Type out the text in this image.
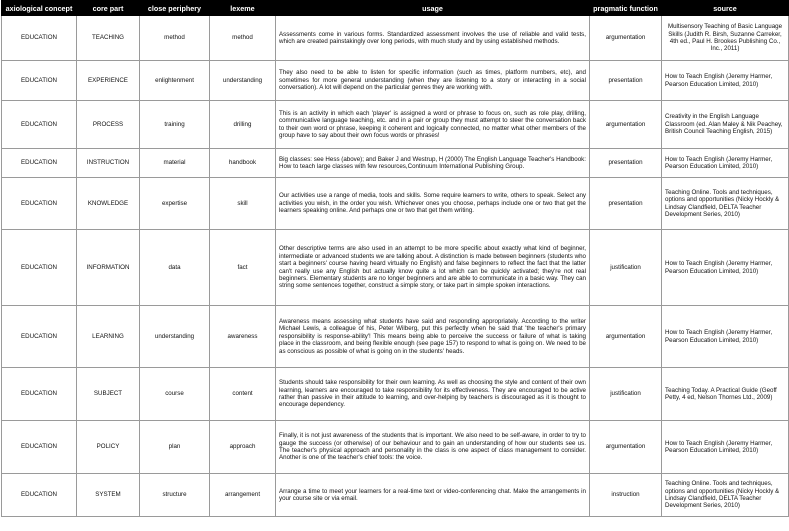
axiological concept	core part	close periphery	lexeme	usage	pragmatic function	source
EDUCATION	TEACHING	method	method	Assessments come in various forms. Standardized assessment involves the use of reliable and valid tests, which are created painstakingly over long periods, with much study and by using established methods.	argumentation	Multisensory Teaching of Basic Language Skills (Judith R. Birsh, Suzanne Carreker, 4th ed., Paul H. Brookes Publishing Co., Inc., 2011)
EDUCATION	EXPERIENCE	enlightenment	understanding	They also need to be able to listen for specific information (such as times, platform numbers, etc), and sometimes for more general understanding (when they are listening to a story or interacting in a social conversation). A lot will depend on the particular genres they are working with.	presentation	How to Teach English (Jeremy Harmer, Pearson Education Limited, 2010)
EDUCATION	PROCESS	training	drilling	This is an activity in which each 'player' is assigned a word or phrase to focus on, such as role play, drilling, communicative language teaching, etc. and in a pair or group they must attempt to steer the conversation back to their own word or phrase, keeping it coherent and logically connected, no matter what other members of the group have to say about their own focus words or phrases!	argumentation	Creativity in the English Language Classroom (ed. Alan Maley & Nik Peachey, British Council Teaching English, 2015)
EDUCATION	INSTRUCTION	material	handbook	Big classes: see Hess (above); and Baker J and Westrup, H (2000) The English Language Teacher's Handbook: How to teach large classes with few resources,Continuum International Publishing Group.	presentation	How to Teach English (Jeremy Harmer, Pearson Education Limited, 2010)
EDUCATION	KNOWLEDGE	expertise	skill	Our activities use a range of media, tools and skills. Some require learners to write, others to speak. Select any activities you wish, in the order you wish. Whichever ones you choose, perhaps include one or two that get the learners speaking online. And perhaps one or two that get them writing.	presentation	Teaching Online. Tools and techniques, options and opportunities (Nicky Hockly & Lindsay Clandfield, DELTA Teacher Development Series, 2010)
EDUCATION	INFORMATION	data	fact	Other descriptive terms are also used in an attempt to be more specific about exactly what kind of beginner, intermediate or advanced students we are talking about. A distinction is made between beginners (students who start a beginners' course having heard virtually no English) and false beginners to reflect the fact that the latter can't really use any English but actually know quite a lot which can be quickly activated; they're not real beginners. Elementary students are no longer beginners and are able to communicate in a basic way. They can string some sentences together, construct a simple story, or take part in simple spoken interactions.	justification	How to Teach English (Jeremy Harmer, Pearson Education Limited, 2010)
EDUCATION	LEARNING	understanding	awareness	Awareness means assessing what students have said and responding appropriately. According to the writer Michael Lewis, a colleague of his, Peter Wilberg, put this perfectly when he said that 'the teacher's primary responsibility is response-ability'! This means being able to perceive the success or failure of what is taking place in the classroom, and being flexible enough (see page 157) to respond to what is going on. We need to be as conscious as possible of what is going on in the students' heads.	argumentation	How to Teach English (Jeremy Harmer, Pearson Education Limited, 2010)
EDUCATION	SUBJECT	course	content	Students should take responsibility for their own learning. As well as choosing the style and content of their own learning, learners are encouraged to take responsibility for its effectiveness. They are encouraged to be active rather than passive in their attitude to learning, and over-helping by teachers is discouraged as it is thought to encourage dependency.	justification	Teaching Today. A Practical Guide (Geoff Petty, 4 ed, Nelson Thornes Ltd., 2009)
EDUCATION	POLICY	plan	approach	Finally, it is not just awareness of the students that is important. We also need to be self-aware, in order to try to gauge the success (or otherwise) of our behaviour and to gain an understanding of how our students see us. The teacher's physical approach and personality in the class is one aspect of class management to consider. Another is one of the teacher's chief tools: the voice.	argumentation	How to Teach English (Jeremy Harmer, Pearson Education Limited, 2010)
EDUCATION	SYSTEM	structure	arrangement	Arrange a time to meet your learners for a real-time text or video-conferencing chat. Make the arrangements in your course site or via email.	instruction	Teaching Online. Tools and techniques, options and opportunities (Nicky Hockly & Lindsay Clandfield, DELTA Teacher Development Series, 2010)
